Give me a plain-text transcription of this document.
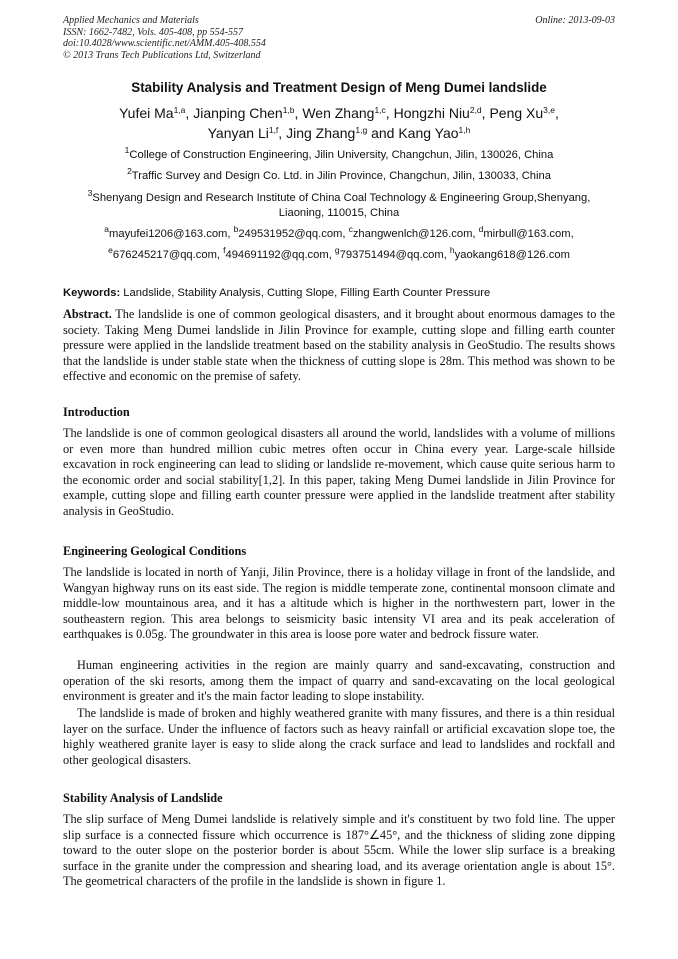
Applied Mechanics and Materials
ISSN: 1662-7482, Vols. 405-408, pp 554-557
doi:10.4028/www.scientific.net/AMM.405-408.554
© 2013 Trans Tech Publications Ltd, Switzerland
Online: 2013-09-03
Stability Analysis and Treatment Design of Meng Dumei landslide
Yufei Ma$^{1,a}$, Jianping Chen$^{1,b}$, Wen Zhang$^{1,c}$, Hongzhi Niu$^{2,d}$, Peng Xu$^{3,e}$,
Yanyan Li$^{1,f}$, Jing Zhang$^{1,g}$ and Kang Yao$^{1,h}$
$^1$College of Construction Engineering, Jilin University, Changchun, Jilin, 130026, China
$^2$Traffic Survey and Design Co. Ltd. in Jilin Province, Changchun, Jilin, 130033, China
$^3$Shenyang Design and Research Institute of China Coal Technology & Engineering Group,Shenyang, Liaoning, 110015, China
$^a$mayufei1206@163.com, $^b$249531952@qq.com, $^c$zhangwenlch@126.com, $^d$mirbull@163.com,
$^e$676245217@qq.com, $^f$494691192@qq.com, $^g$793751494@qq.com, $^h$yaokang618@126.com
Keywords: Landslide, Stability Analysis, Cutting Slope, Filling Earth Counter Pressure
Abstract. The landslide is one of common geological disasters, and it brought about enormous damages to the society. Taking Meng Dumei landslide in Jilin Province for example, cutting slope and filling earth counter pressure were applied in the landslide treatment based on the stability analysis in GeoStudio. The results shows that the landslide is under stable state when the thickness of cutting slope is 28m. This method was shown to be effective and economic on the premise of safety.
Introduction
The landslide is one of common geological disasters all around the world, landslides with a volume of millions or even more than hundred million cubic metres often occur in China every year. Large-scale hillside excavation in rock engineering can lead to sliding or landslide re-movement, which cause quite serious harm to the economic order and social stability[1,2]. In this paper, taking Meng Dumei landslide in Jilin Province for example, cutting slope and filling earth counter pressure were applied in the landslide treatment after stability analysis in GeoStudio.
Engineering Geological Conditions
The landslide is located in north of Yanji, Jilin Province, there is a holiday village in front of the landslide, and Wangyan highway runs on its east side. The region is middle temperate zone, continental monsoon climate and middle-low mountainous area, and it has a altitude which is higher in the northwestern part, lower in the southeastern region. This area belongs to seismicity basic intensity VI area and its peak acceleration of earthquakes is 0.05g. The groundwater in this area is loose pore water and bedrock fissure water.
Human engineering activities in the region are mainly quarry and sand-excavating, construction and operation of the ski resorts, among them the impact of quarry and sand-excavating on the local geological environment is greater and it's the main factor leading to slope instability.
The landslide is made of broken and highly weathered granite with many fissures, and there is a thin residual layer on the surface. Under the influence of factors such as heavy rainfall or artificial excavation slope toe, the highly weathered granite layer is easy to slide along the crack surface and lead to landslides and rockfall and other geological disasters.
Stability Analysis of Landslide
The slip surface of Meng Dumei landslide is relatively simple and it's constituent by two fold line. The upper slip surface is a connected fissure which occurrence is 187°∠45°, and the thickness of sliding zone dipping toward to the outer slope on the posterior border is about 55cm. While the lower slip surface is a breaking surface in the granite under the compression and shearing load, and its average orientation angle is about 15°. The geometrical characters of the profile in the landslide is shown in figure 1.
